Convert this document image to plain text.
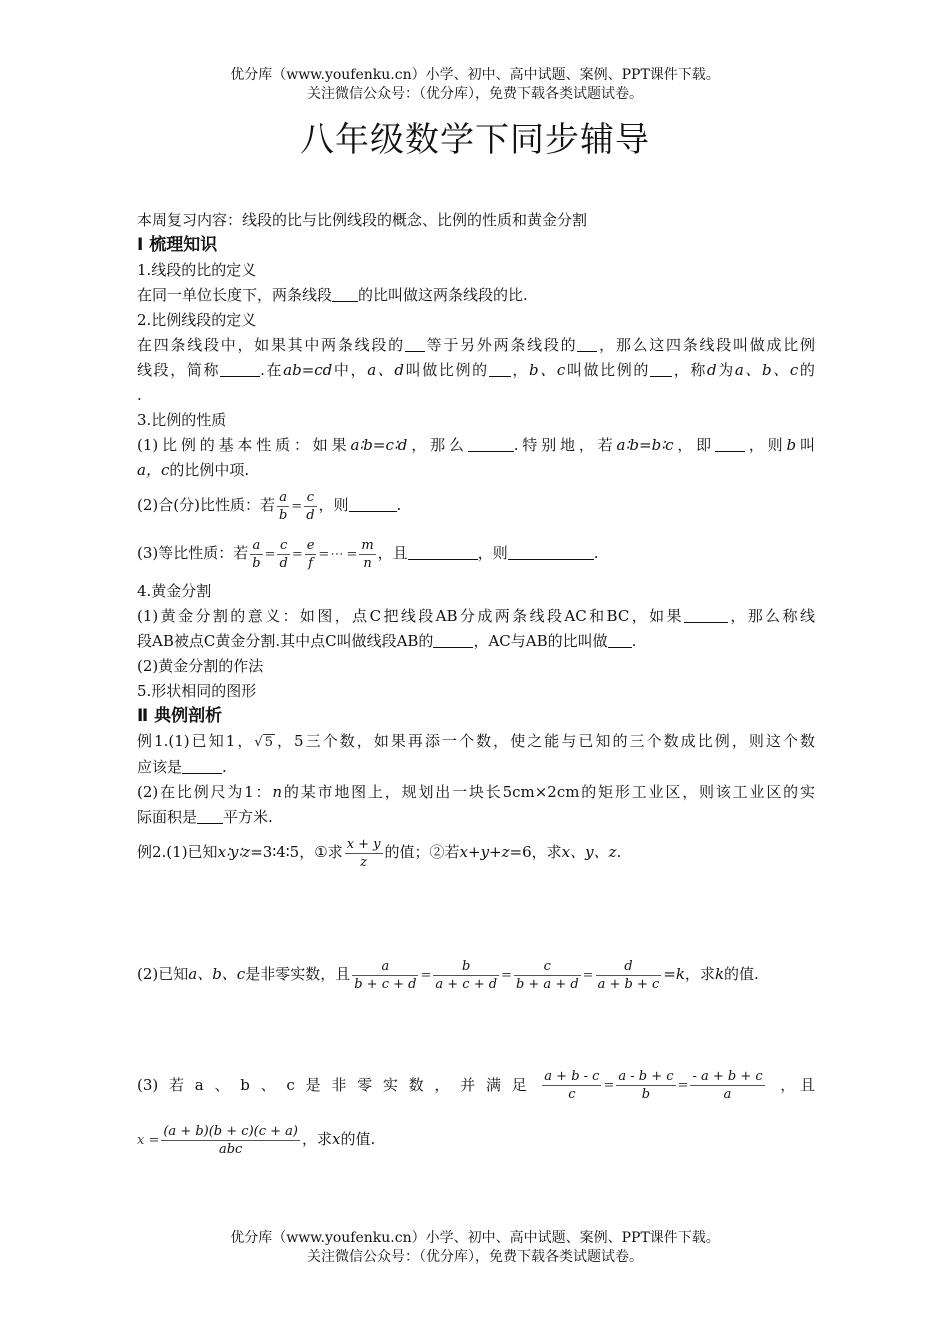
优分库（www.youfenku.cn）小学、初中、高中试题、案例、PPT课件下载。
关注微信公众号：（优分库），免费下载各类试题试卷。
八年级数学下同步辅导
本周复习内容：线段的比与比例线段的概念、比例的性质和黄金分割
Ⅰ 梳理知识
1.线段的比的定义
在同一单位长度下，两条线段 的比叫做这两条线段的比.
2.比例线段的定义
在四条线段中，如果其中两条线段的 等于另外两条线段的 ，那么这四条线段叫做成比例
线段，简称	.在ab=cd中，a、d叫做比例的 ，b、c叫做比例的 ，称d为a、b、c的
.
3.比例的性质
(1)比例的基本性质：如果a∶b=c∶d，那么	.特别地，若a∶b=b∶c，即 ，则b叫
a，c的比例中项.
(2)合(分)比性质：若 $\frac{a}{b} = \frac{c}{d}$ ，则	.
(3)等比性质：若 $\frac{a}{b} = \frac{c}{d} = \frac{e}{f}$ =⋯ = $\frac{m}{n}$ ，且	，则	.
4.黄金分割
(1)黄金分割的意义：如图，点C把线段AB分成两条线段AC和BC，如果	，那么称线
段AB被点C黄金分割.其中点C叫做线段AB的	，AC与AB的比叫做 .
(2)黄金分割的作法
5.形状相同的图形
Ⅱ 典例剖析
例1.(1)已知1，√ 5 ，5三个数，如果再添一个数，使之能与已知的三个数成比例，则这个数
应该是	.
(2)在比例尺为1：n的某市地图上，规划出一块长5cm×2cm的矩形工业区，则该工业区的实
际面积是 平方米.
例2.(1)已知x∶y∶z=3∶4∶5，①求 $\frac{x + y}{z}$ 的值；②若x+y+z=6，求x、y、z.
(2)已知a、b、c是非零实数，且 $\frac{a}{b + c + d} = \frac{b}{a + c + d} = \frac{c}{b + a + d} = \frac{d}{a + b + c} =k$，求k的值.
(3) 若 a 、 b 、 c 是 非 零 实 数 ， 并 满 足 $\frac{a + b - c}{c} = \frac{a - b + c}{b} = \frac{- a + b + c}{a}$ ， 且
$x = \frac{(a + b)(b + c)(c + a)}{\text{abc}}$ ，求x的值.
优分库（www.youfenku.cn）小学、初中、高中试题、案例、PPT课件下载。
关注微信公众号：（优分库），免费下载各类试题试卷。
